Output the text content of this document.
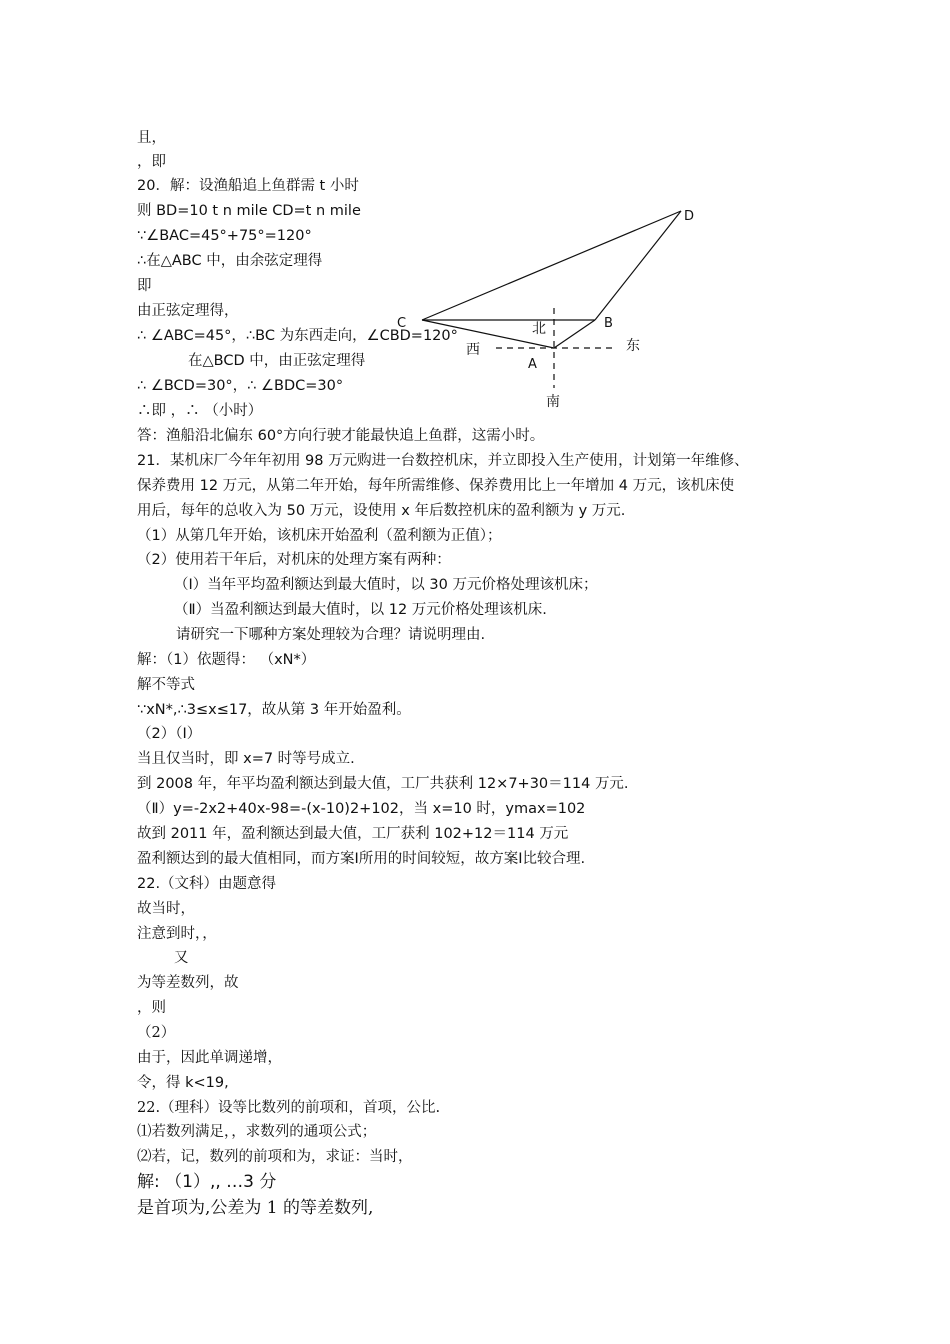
且，
，即
20．解：设渔船追上鱼群需 t 小时
则 BD=10 t n mile CD=t n mile
∵∠BAC=45°+75°=120°
∴在△ABC 中，由余弦定理得
即
由正弦定理得，
∴ ∠ABC=45°，∴BC 为东西走向，∠CBD=120°
在△BCD 中，由正弦定理得
∴ ∠BCD=30°，∴ ∠BDC=30°
∴即 ，∴ （小时）
答：渔船沿北偏东 60°方向行驶才能最快追上鱼群，这需小时。
21．某机床厂今年年初用 98 万元购进一台数控机床，并立即投入生产使用，计划第一年维修、
保养费用 12 万元，从第二年开始，每年所需维修、保养费用比上一年增加 4 万元，该机床使
用后，每年的总收入为 50 万元，设使用 x 年后数控机床的盈利额为 y 万元.
（1）从第几年开始，该机床开始盈利（盈利额为正值）；
（2）使用若干年后，对机床的处理方案有两种：
（Ⅰ）当年平均盈利额达到最大值时，以 30 万元价格处理该机床；
（Ⅱ）当盈利额达到最大值时，以 12 万元价格处理该机床.
请研究一下哪种方案处理较为合理？请说明理由.
解：（1）依题得： （xN*）
解不等式
∵xN*,∴3≤x≤17，故从第 3 年开始盈利。
（2）（Ⅰ）
当且仅当时，即 x=7 时等号成立.
到 2008 年，年平均盈利额达到最大值，工厂共获利 12×7+30＝114 万元.
（Ⅱ）y=-2x2+40x-98=-(x-10)2+102，当 x=10 时，ymax=102
故到 2011 年，盈利额达到最大值，工厂获利 102+12＝114 万元
盈利额达到的最大值相同，而方案Ⅰ所用的时间较短，故方案Ⅰ比较合理.
22.（文科）由题意得
故当时，
注意到时，，
又
为等差数列，故
，则
（2）
由于，因此单调递增，
令，得 k<19,
22.（理科）设等比数列的前项和，首项，公比.
⑴若数列满足，，求数列的通项公式；
⑵若，记，数列的前项和为，求证：当时，
解: （1）,, …3 分
是首项为,公差为 1 的等差数列,
D
C	B
A
北
南
西	东
